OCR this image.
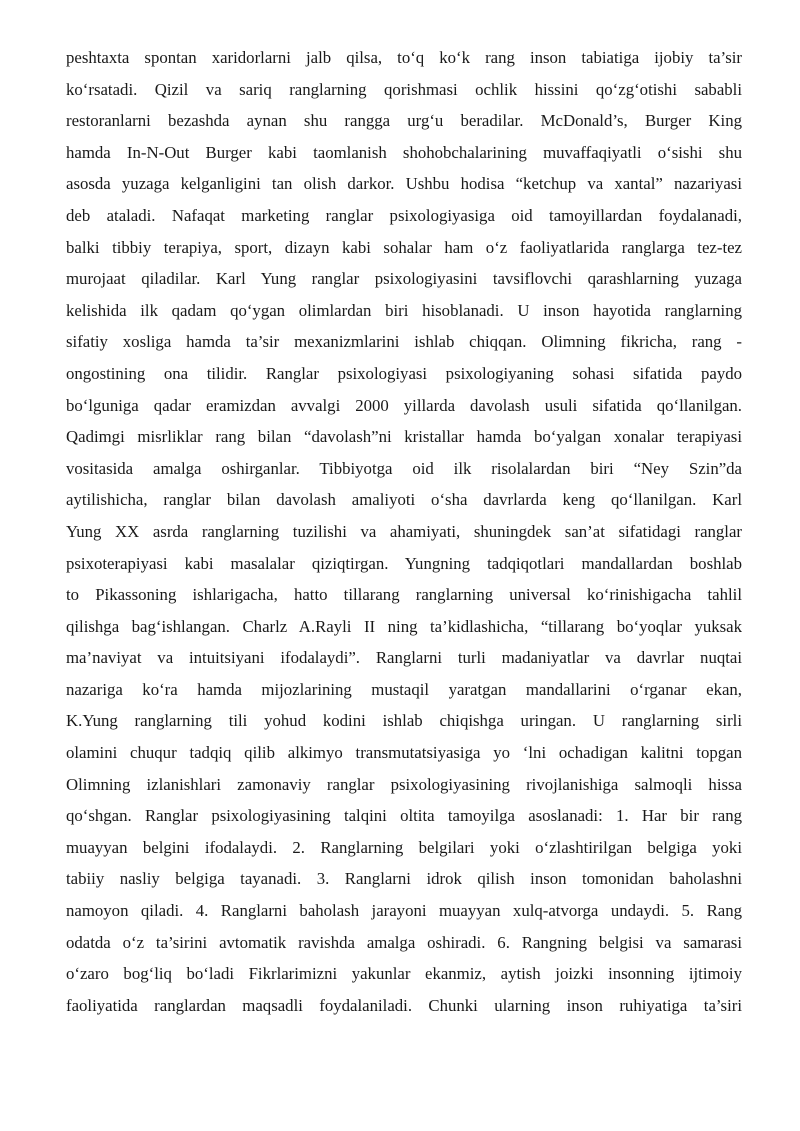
peshtaxta spontan xaridorlarni jalb qilsa, to‘q ko‘k rang inson tabiatiga ijobiy ta’sir
ko‘rsatadi. Qizil va sariq ranglarning qorishmasi ochlik hissini qo‘zg‘otishi sababli
restoranlarni bezashda aynan shu rangga urg‘u beradilar. McDonald’s, Burger King
hamda In-N-Out Burger kabi taomlanish shohobchalarining muvaffaqiyatli o‘sishi shu
asosda yuzaga kelganligini tan olish darkor. Ushbu hodisa “ketchup va xantal” nazariyasi
deb ataladi. Nafaqat marketing ranglar psixologiyasiga oid tamoyillardan foydalanadi,
balki tibbiy terapiya, sport, dizayn kabi sohalar ham o‘z faoliyatlarida ranglarga tez-tez
murojaat qiladilar. Karl Yung ranglar psixologiyasini tavsiflovchi qarashlarning yuzaga
kelishida ilk qadam qo‘ygan olimlardan biri hisoblanadi. U inson hayotida ranglarning
sifatiy xosliga hamda ta’sir mexanizmlarini ishlab chiqqan. Olimning fikricha, rang -
ongostining ona tilidir. Ranglar psixologiyasi psixologiyaning sohasi sifatida paydo
bo‘lguniga qadar eramizdan avvalgi 2000 yillarda davolash usuli sifatida qo‘llanilgan.
Qadimgi misrliklar rang bilan “davolash”ni kristallar hamda bo‘yalgan xonalar terapiyasi
vositasida amalga oshirganlar. Tibbiyotga oid ilk risolalardan biri “Ney Szin”da
aytilishicha, ranglar bilan davolash amaliyoti o‘sha davrlarda keng qo‘llanilgan. Karl
Yung XX asrda ranglarning tuzilishi va ahamiyati, shuningdek san’at sifatidagi ranglar
psixoterapiyasi kabi masalalar qiziqtirgan. Yungning tadqiqotlari mandallardan boshlab
to Pikassoning ishlarigacha, hatto tillarang ranglarning universal ko‘rinishigacha tahlil
qilishga bag‘ishlangan. Charlz A.Rayli II ning ta’kidlashicha, “tillarang bo‘yoqlar yuksak
ma’naviyat va intuitsiyani ifodalaydi”. Ranglarni turli madaniyatlar va davrlar nuqtai
nazariga ko‘ra hamda mijozlarining mustaqil yaratgan mandallarini o‘rganar ekan,
K.Yung ranglarning tili yohud kodini ishlab chiqishga uringan. U ranglarning sirli
olamini chuqur tadqiq qilib alkimyo transmutatsiyasiga yo ‘lni ochadigan kalitni topgan
Olimning izlanishlari zamonaviy ranglar psixologiyasining rivojlanishiga salmoqli hissa
qo‘shgan. Ranglar psixologiyasining talqini oltita tamoyilga asoslanadi: 1. Har bir rang
muayyan belgini ifodalaydi. 2. Ranglarning belgilari yoki o‘zlashtirilgan belgiga yoki
tabiiy nasliy belgiga tayanadi. 3. Ranglarni idrok qilish inson tomonidan baholashni
namoyon qiladi. 4. Ranglarni baholash jarayoni muayyan xulq-atvorga undaydi. 5. Rang
odatda o‘z ta’sirini avtomatik ravishda amalga oshiradi. 6. Rangning belgisi va samarasi
o‘zaro bog‘liq bo‘ladi Fikrlarimizni yakunlar ekanmiz, aytish joizki insonning ijtimoiy
faoliyatida ranglardan maqsadli foydalaniladi. Chunki ularning inson ruhiyatiga ta’siri
